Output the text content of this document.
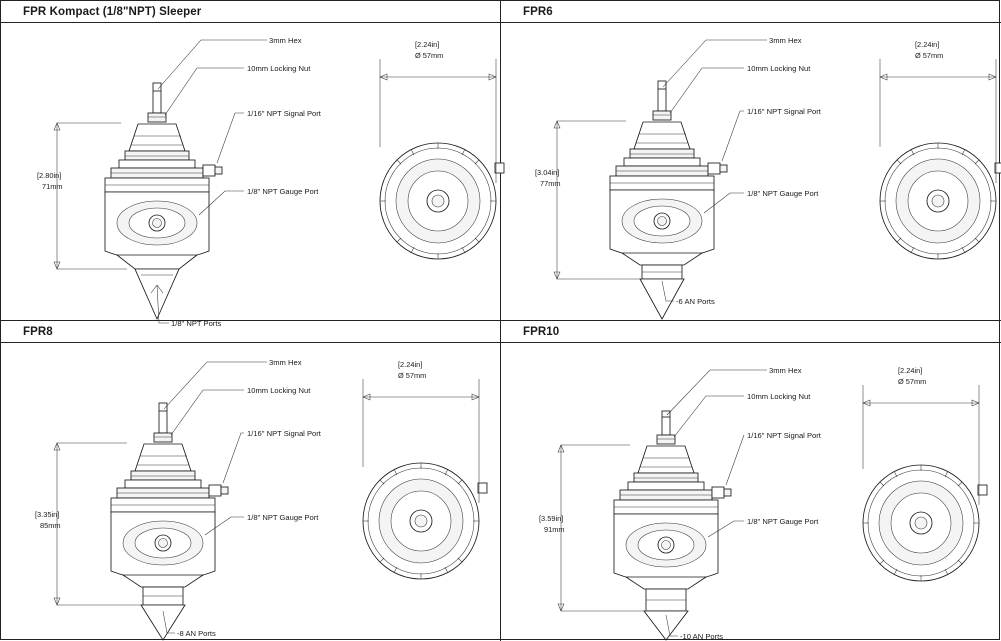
FPR Kompact (1/8"NPT) Sleeper
3mm Hex
10mm Locking Nut
1/16" NPT Signal Port
1/8" NPT Gauge Port
1/8" NPT Ports
[2.80in]
71mm
[2.24in]
Ø 57mm
FPR6
3mm Hex
10mm Locking Nut
1/16" NPT Signal Port
1/8" NPT Gauge Port
-6 AN Ports
[3.04in]
77mm
[2.24in]
Ø 57mm
FPR8
3mm Hex
10mm Locking Nut
1/16" NPT Signal Port
1/8" NPT Gauge Port
-8 AN Ports
[3.35in]
85mm
[2.24in]
Ø 57mm
FPR10
3mm Hex
10mm Locking Nut
1/16" NPT Signal Port
1/8" NPT Gauge Port
-10 AN Ports
[3.59in]
91mm
[2.24in]
Ø 57mm
